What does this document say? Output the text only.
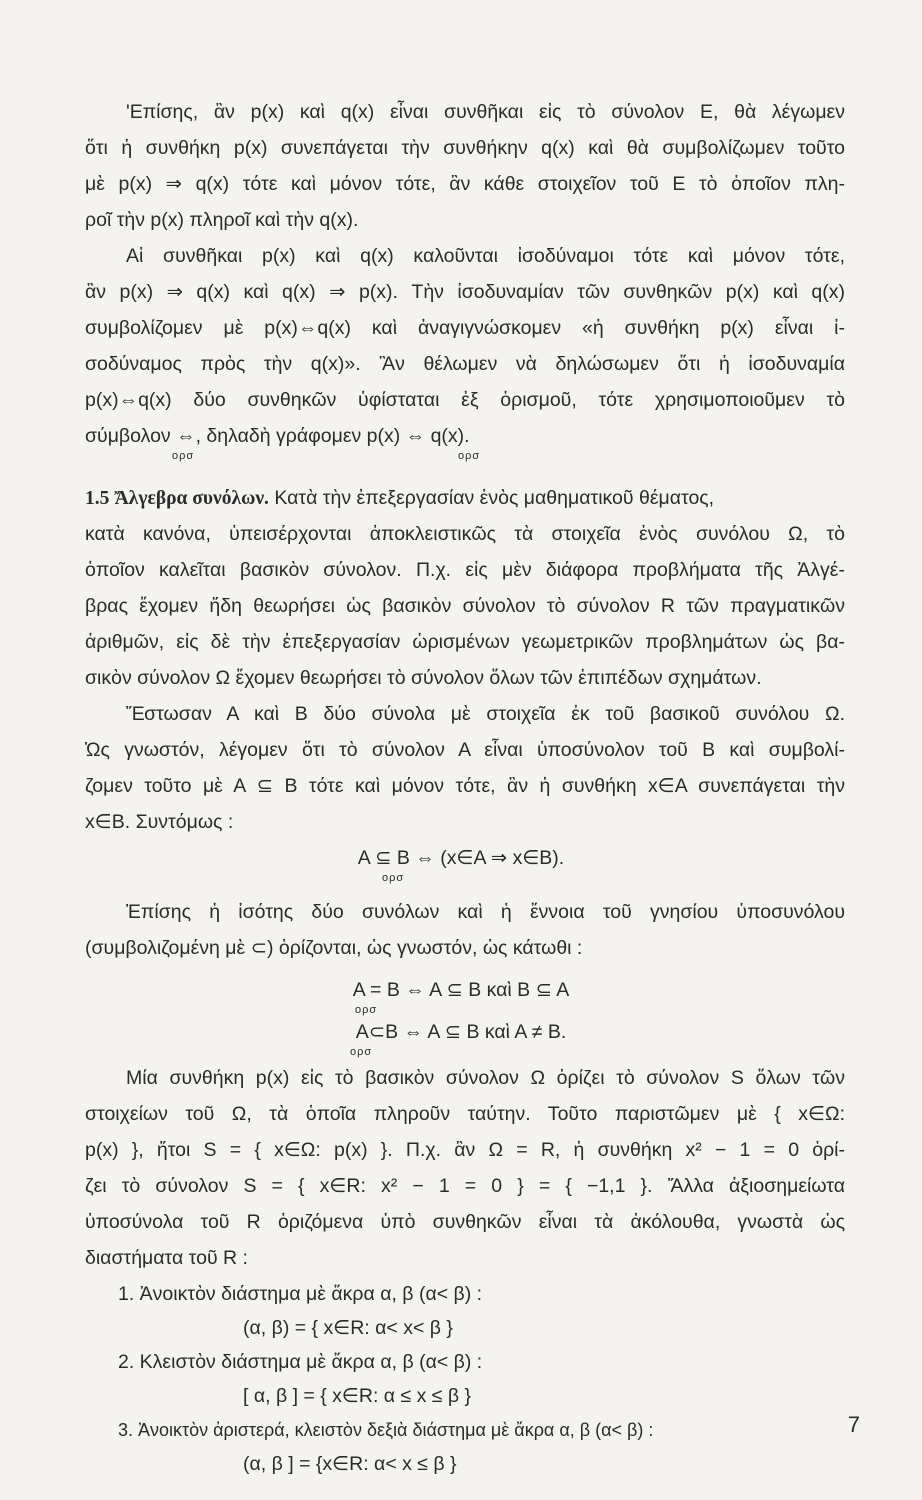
'Επίσης, ἂν p(x) καὶ q(x) εἶναι συνθῆκαι εἰς τὸ σύνολον Ε, θὰ λέγωμεν
ὅτι ἡ συνθήκη p(x) συνεπάγεται τὴν συνθήκην q(x) καὶ θὰ συμβολίζωμεν τοῦτο
μὲ p(x) ⇒ q(x) τότε καὶ μόνον τότε, ἂν κάθε στοιχεῖον τοῦ Ε τὸ ὁποῖον πλη-
ροῖ τὴν p(x) πληροῖ καὶ τὴν q(x).
Αἱ συνθῆκαι p(x) καὶ q(x) καλοῦνται ἰσοδύναμοι τότε καὶ μόνον τότε,
ἂν p(x) ⇒ q(x) καὶ q(x) ⇒ p(x). Τὴν ἰσοδυναμίαν τῶν συνθηκῶν p(x) καὶ q(x)
συμβολίζομεν μὲ p(x)⇔q(x) καὶ ἀναγιγνώσκομεν «ἡ συνθήκη p(x) εἶναι ἰ-
σοδύναμος πρὸς τὴν q(x)». Ἂν θέλωμεν νὰ δηλώσωμεν ὅτι ἡ ἰσοδυναμία
p(x)⇔q(x) δύο συνθηκῶν ὑφίσταται ἐξ ὁρισμοῦ, τότε χρησιμοποιοῦμεν τὸ
σύμβολον ⇔, δηλαδὴ γράφομεν p(x) ⇔ q(x).
ορσ	ορσ
1.5 Ἄλγεβρα συνόλων. Κατὰ τὴν ἐπεξεργασίαν ἑνὸς μαθηματικοῦ θέματος,
κατὰ κανόνα, ὑπεισέρχονται ἀποκλειστικῶς τὰ στοιχεῖα ἑνὸς συνόλου Ω, τὸ
ὁποῖον καλεῖται βασικὸν σύνολον. Π.χ. εἰς μὲν διάφορα προβλήματα τῆς Ἀλγέ-
βρας ἔχομεν ἤδη θεωρήσει ὡς βασικὸν σύνολον τὸ σύνολον R τῶν πραγματικῶν
ἀριθμῶν, εἰς δὲ τὴν ἐπεξεργασίαν ὡρισμένων γεωμετρικῶν προβλημάτων ὡς βα-
σικὸν σύνολον Ω ἔχομεν θεωρήσει τὸ σύνολον ὅλων τῶν ἐπιπέδων σχημάτων.
Ἔστωσαν Α καὶ Β δύο σύνολα μὲ στοιχεῖα ἐκ τοῦ βασικοῦ συνόλου Ω.
Ὡς γνωστόν, λέγομεν ὅτι τὸ σύνολον Α εἶναι ὑποσύνολον τοῦ Β καὶ συμβολί-
ζομεν τοῦτο μὲ Α ⊆ Β τότε καὶ μόνον τότε, ἂν ἡ συνθήκη x∈A συνεπάγεται τὴν
x∈B. Συντόμως :
Α ⊆ Β ⇔ (x∈A ⇒ x∈B).
ορσ
Ἐπίσης ἡ ἰσότης δύο συνόλων καὶ ἡ ἔννοια τοῦ γνησίου ὑποσυνόλου
(συμβολιζομένη μὲ ⊂) ὁρίζονται, ὡς γνωστόν, ὡς κάτωθι :
Α = Β ⇔ Α ⊆ Β καὶ Β ⊆ Α
ορσ
Α⊂Β ⇔ Α ⊆ Β καὶ Α ≠ Β.
ορσ
Μία συνθήκη p(x) εἰς τὸ βασικὸν σύνολον Ω ὁρίζει τὸ σύνολον S ὅλων τῶν
στοιχείων τοῦ Ω, τὰ ὁποῖα πληροῦν ταύτην. Τοῦτο παριστῶμεν μὲ { x∈Ω:
p(x) }, ἤτοι S = { x∈Ω: p(x) }. Π.χ. ἂν Ω = R, ἡ συνθήκη x² − 1 = 0 ὁρί-
ζει τὸ σύνολον S = { x∈R: x² − 1 = 0 } = { −1,1 }. Ἄλλα ἀξιοσημείωτα
ὑποσύνολα τοῦ R ὁριζόμενα ὑπὸ συνθηκῶν εἶναι τὰ ἀκόλουθα, γνωστὰ ὡς
διαστήματα τοῦ R :
1. Ἀνοικτὸν διάστημα μὲ ἄκρα α, β (α< β) :
(α, β) = { x∈R: α< x< β }
2. Κλειστὸν διάστημα μὲ ἄκρα α, β (α< β) :
[ α, β ] = { x∈R: α ≤ x ≤ β }
3. Ἀνοικτὸν ἀριστερά, κλειστὸν δεξιὰ διάστημα μὲ ἄκρα α, β (α< β) :
(α, β ] = {x∈R: α< x ≤ β }
7
